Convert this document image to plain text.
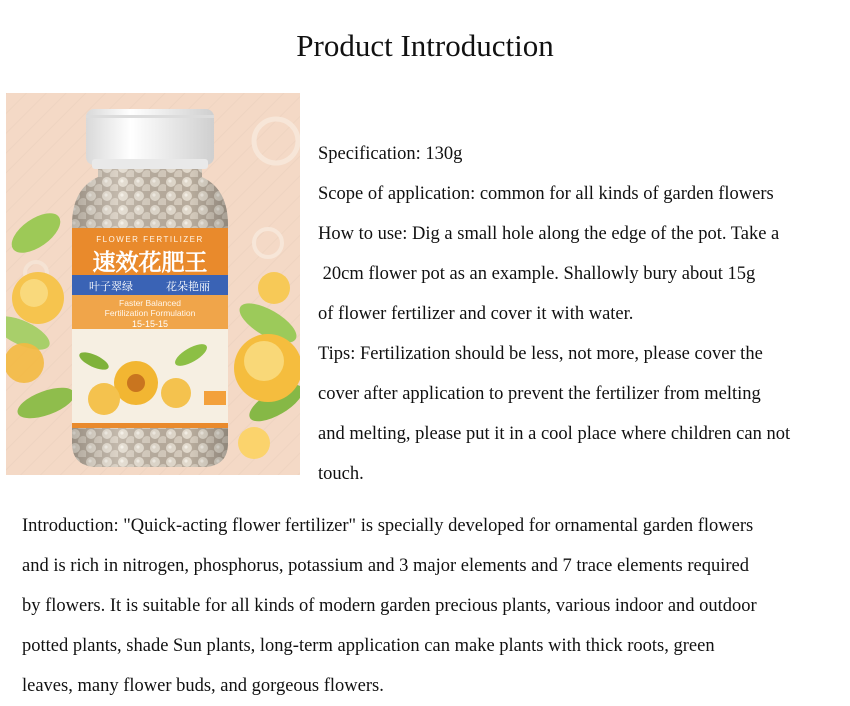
Product Introduction
FLOWER FERTILIZER
速效花肥王
叶子翠绿	花朵艳丽
Faster Balanced
Fertilization Formulation
15-15-15
Specification: 130g
Scope of application: common for all kinds of garden flowers
How to use: Dig a small hole along the edge of the pot. Take a
20cm flower pot as an example. Shallowly bury about 15g
of flower fertilizer and cover it with water.
Tips: Fertilization should be less, not more, please cover the
cover after application to prevent the fertilizer from melting
and melting, please put it in a cool place where children can not
touch.
Introduction: "Quick-acting flower fertilizer" is specially developed for ornamental garden flowers
and is rich in nitrogen, phosphorus, potassium and 3 major elements and 7 trace elements required
by flowers. It is suitable for all kinds of modern garden precious plants, various indoor and outdoor
potted plants, shade Sun plants, long-term application can make plants with thick roots, green
leaves, many flower buds, and gorgeous flowers.
